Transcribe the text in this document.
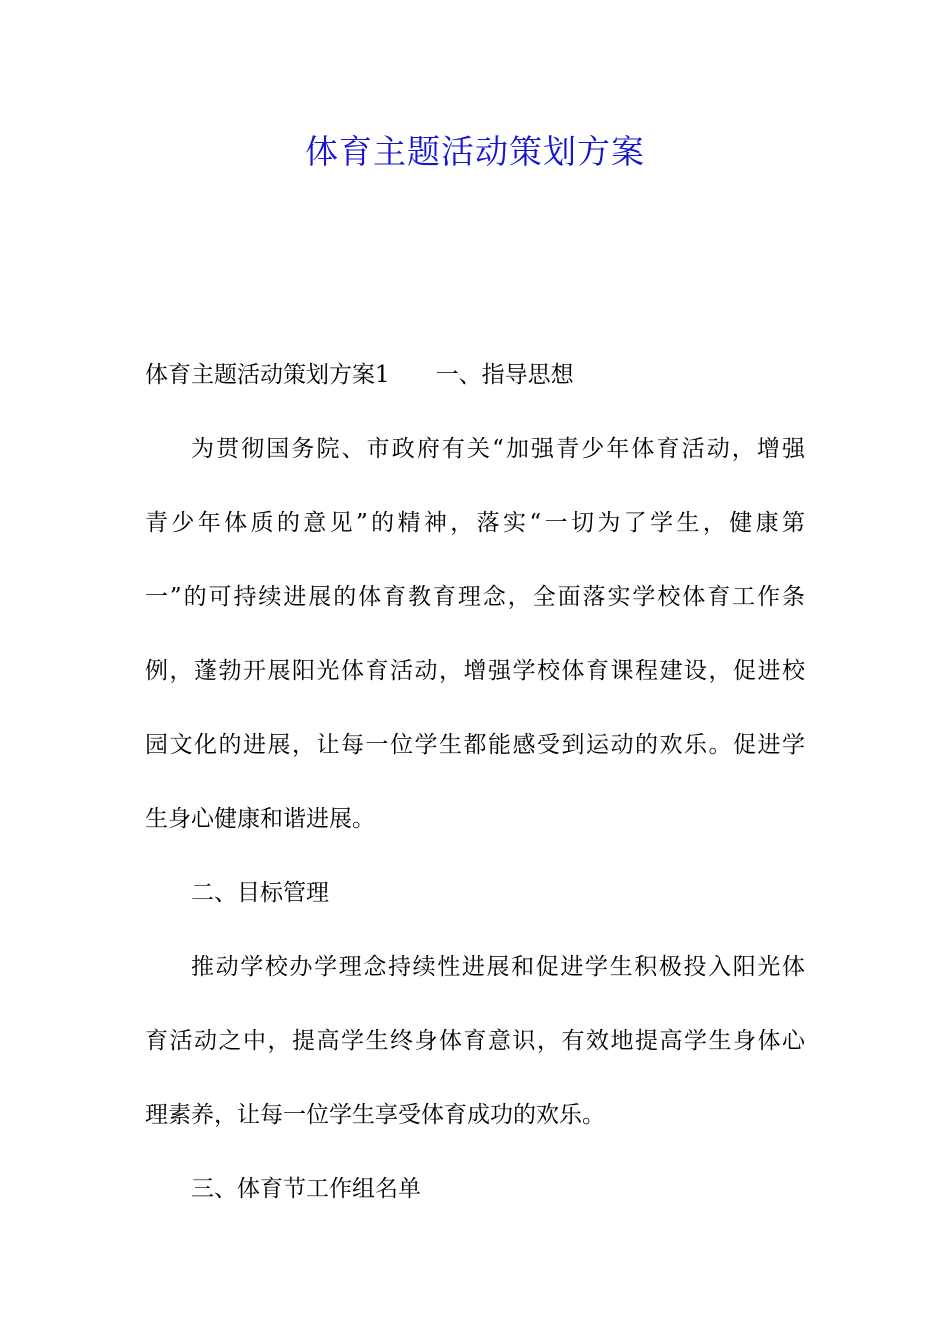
体育主题活动策划方案
体育主题活动策划方案1 一、指导思想
为贯彻国务院、市政府有关“加强青少年体育活动，增强
青少年体质的意见”的精神，落实“一切为了学生，健康第
一”的可持续进展的体育教育理念，全面落实学校体育工作条
例，蓬勃开展阳光体育活动，增强学校体育课程建设，促进校
园文化的进展，让每一位学生都能感受到运动的欢乐。促进学
生身心健康和谐进展。
二、目标管理
推动学校办学理念持续性进展和促进学生积极投入阳光体
育活动之中，提高学生终身体育意识，有效地提高学生身体心
理素养，让每一位学生享受体育成功的欢乐。
三、体育节工作组名单
